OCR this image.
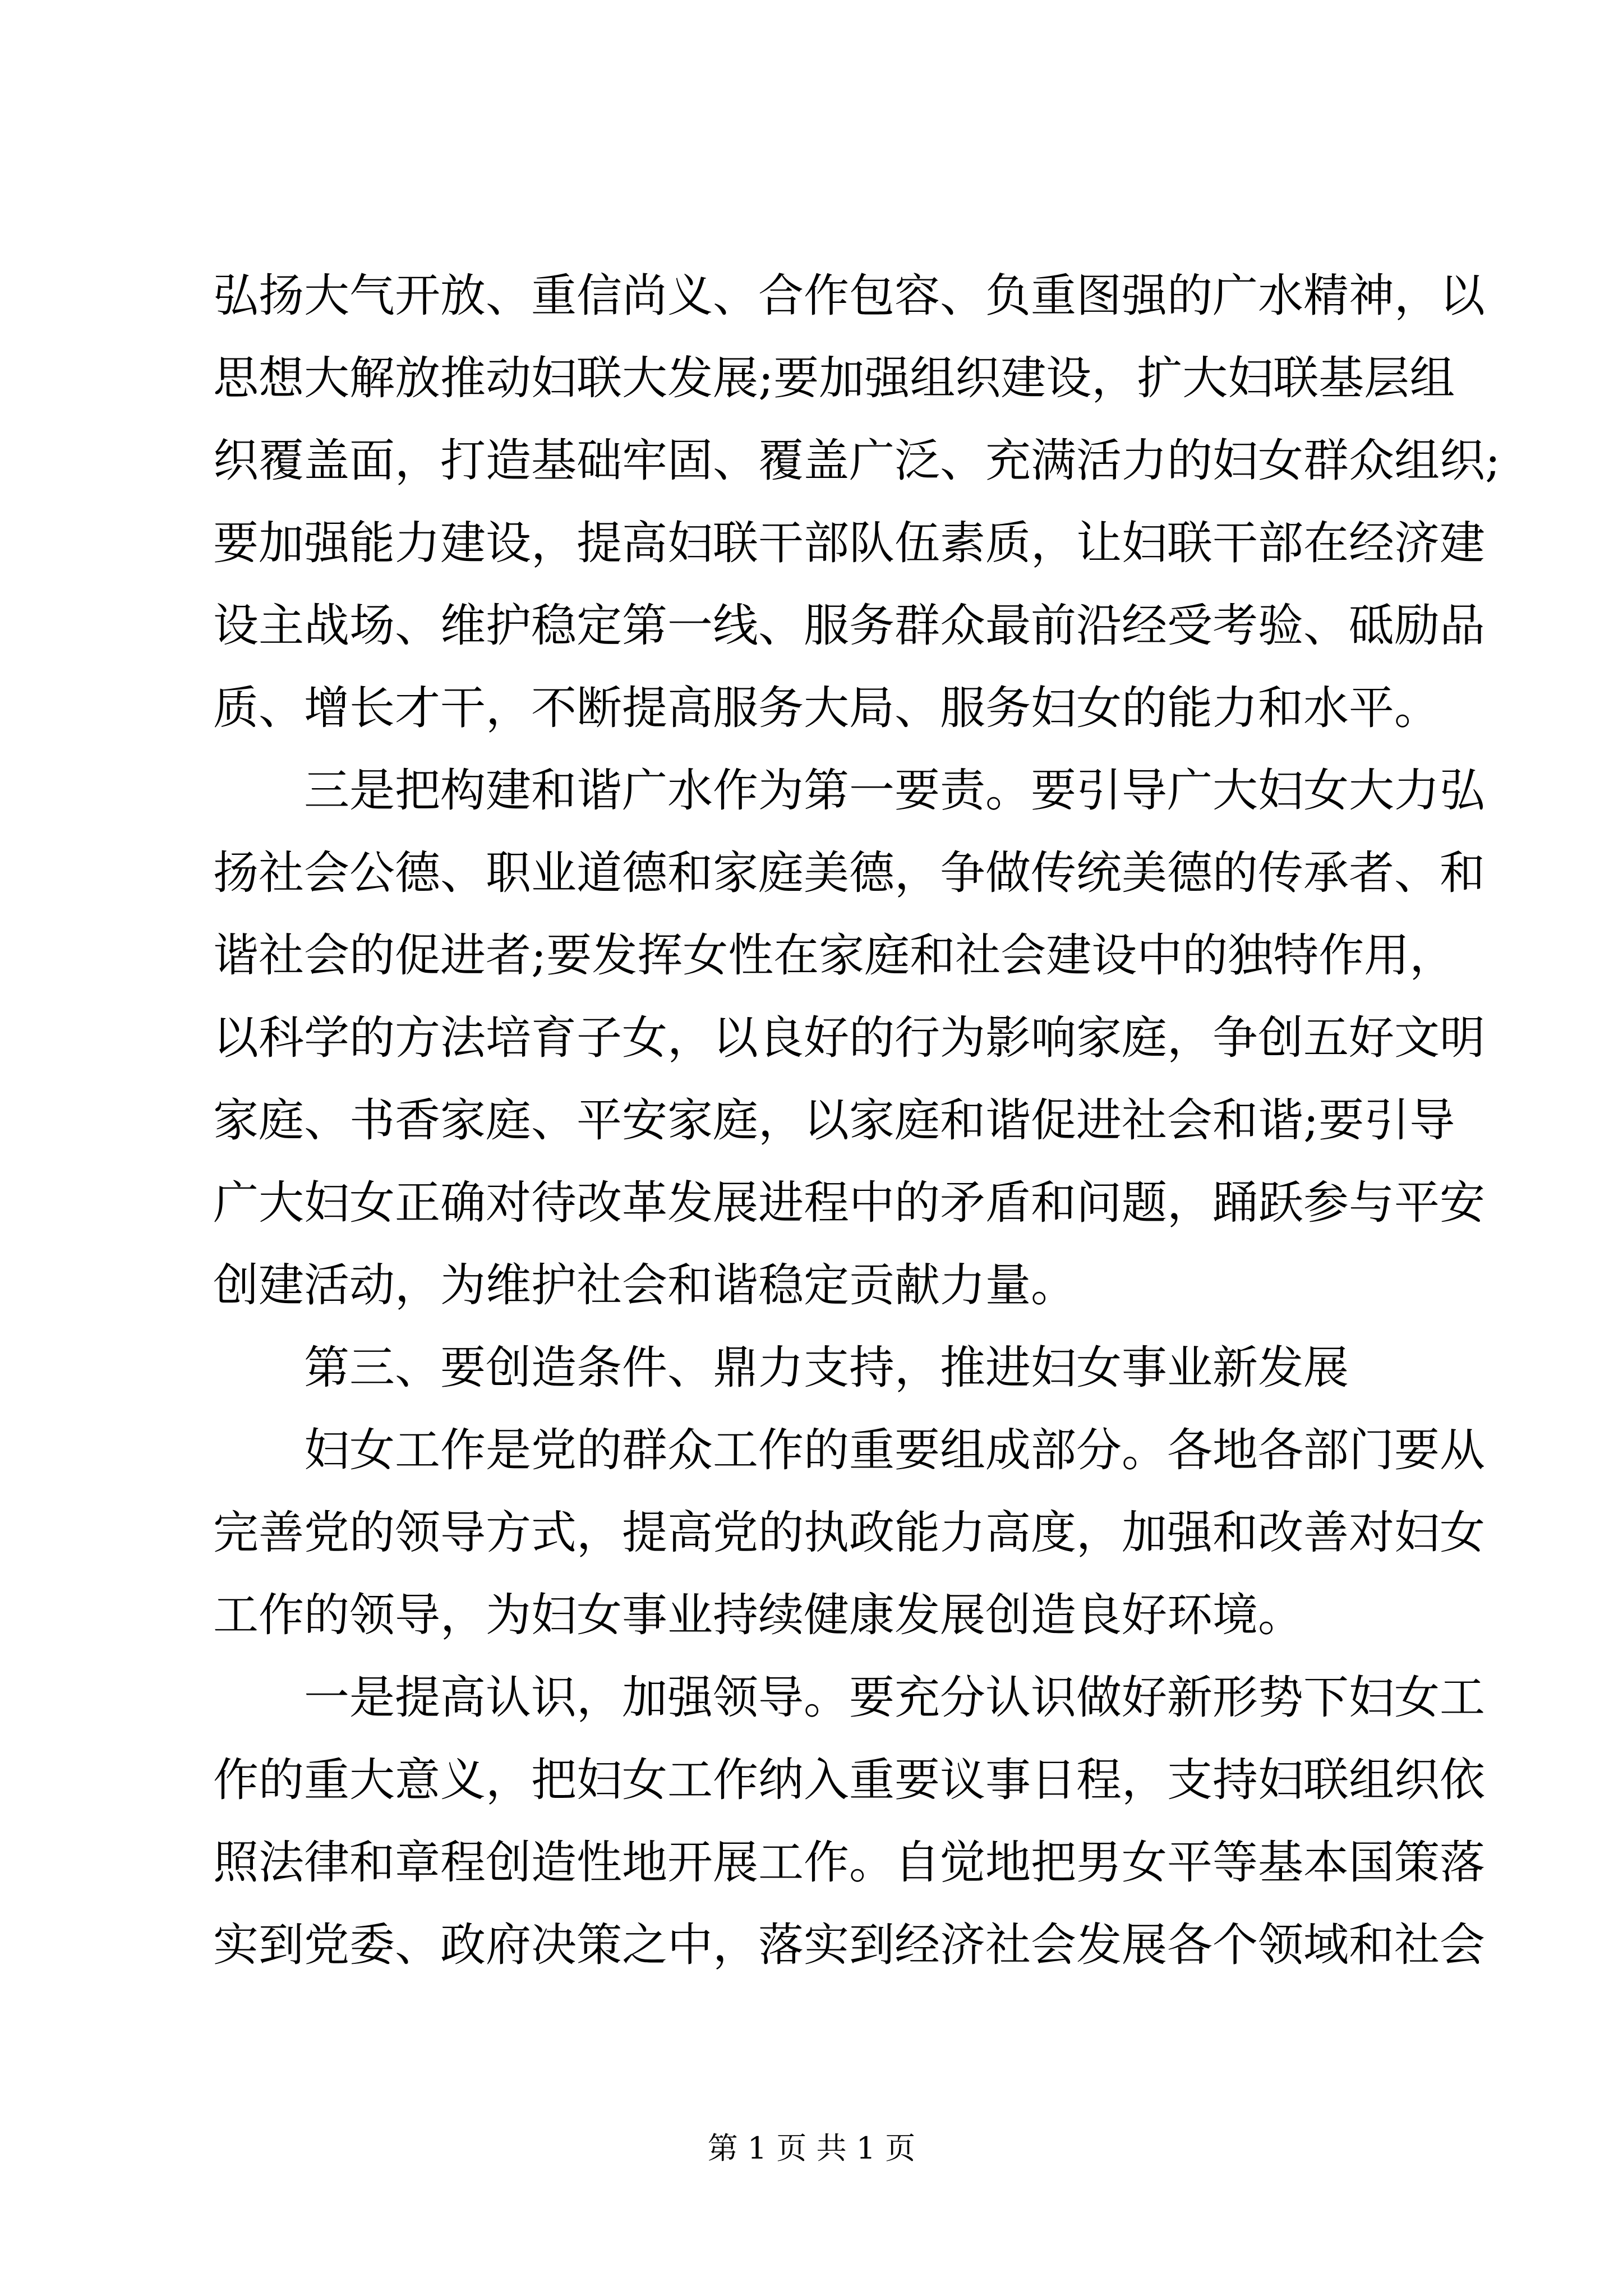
弘扬大气开放、重信尚义、合作包容、负重图强的广水精神，以
思想大解放推动妇联大发展;要加强组织建设，扩大妇联基层组
织覆盖面，打造基础牢固、覆盖广泛、充满活力的妇女群众组织;
要加强能力建设，提高妇联干部队伍素质，让妇联干部在经济建
设主战场、维护稳定第一线、服务群众最前沿经受考验、砥励品
质、增长才干，不断提高服务大局、服务妇女的能力和水平。
　　三是把构建和谐广水作为第一要责。要引导广大妇女大力弘
扬社会公德、职业道德和家庭美德，争做传统美德的传承者、和
谐社会的促进者;要发挥女性在家庭和社会建设中的独特作用，
以科学的方法培育子女，以良好的行为影响家庭，争创五好文明
家庭、书香家庭、平安家庭，以家庭和谐促进社会和谐;要引导
广大妇女正确对待改革发展进程中的矛盾和问题，踊跃参与平安
创建活动，为维护社会和谐稳定贡献力量。
　　第三、要创造条件、鼎力支持，推进妇女事业新发展
　　妇女工作是党的群众工作的重要组成部分。各地各部门要从
完善党的领导方式，提高党的执政能力高度，加强和改善对妇女
工作的领导，为妇女事业持续健康发展创造良好环境。
　　一是提高认识，加强领导。要充分认识做好新形势下妇女工
作的重大意义，把妇女工作纳入重要议事日程，支持妇联组织依
照法律和章程创造性地开展工作。自觉地把男女平等基本国策落
实到党委、政府决策之中，落实到经济社会发展各个领域和社会
第 1 页 共 1 页
